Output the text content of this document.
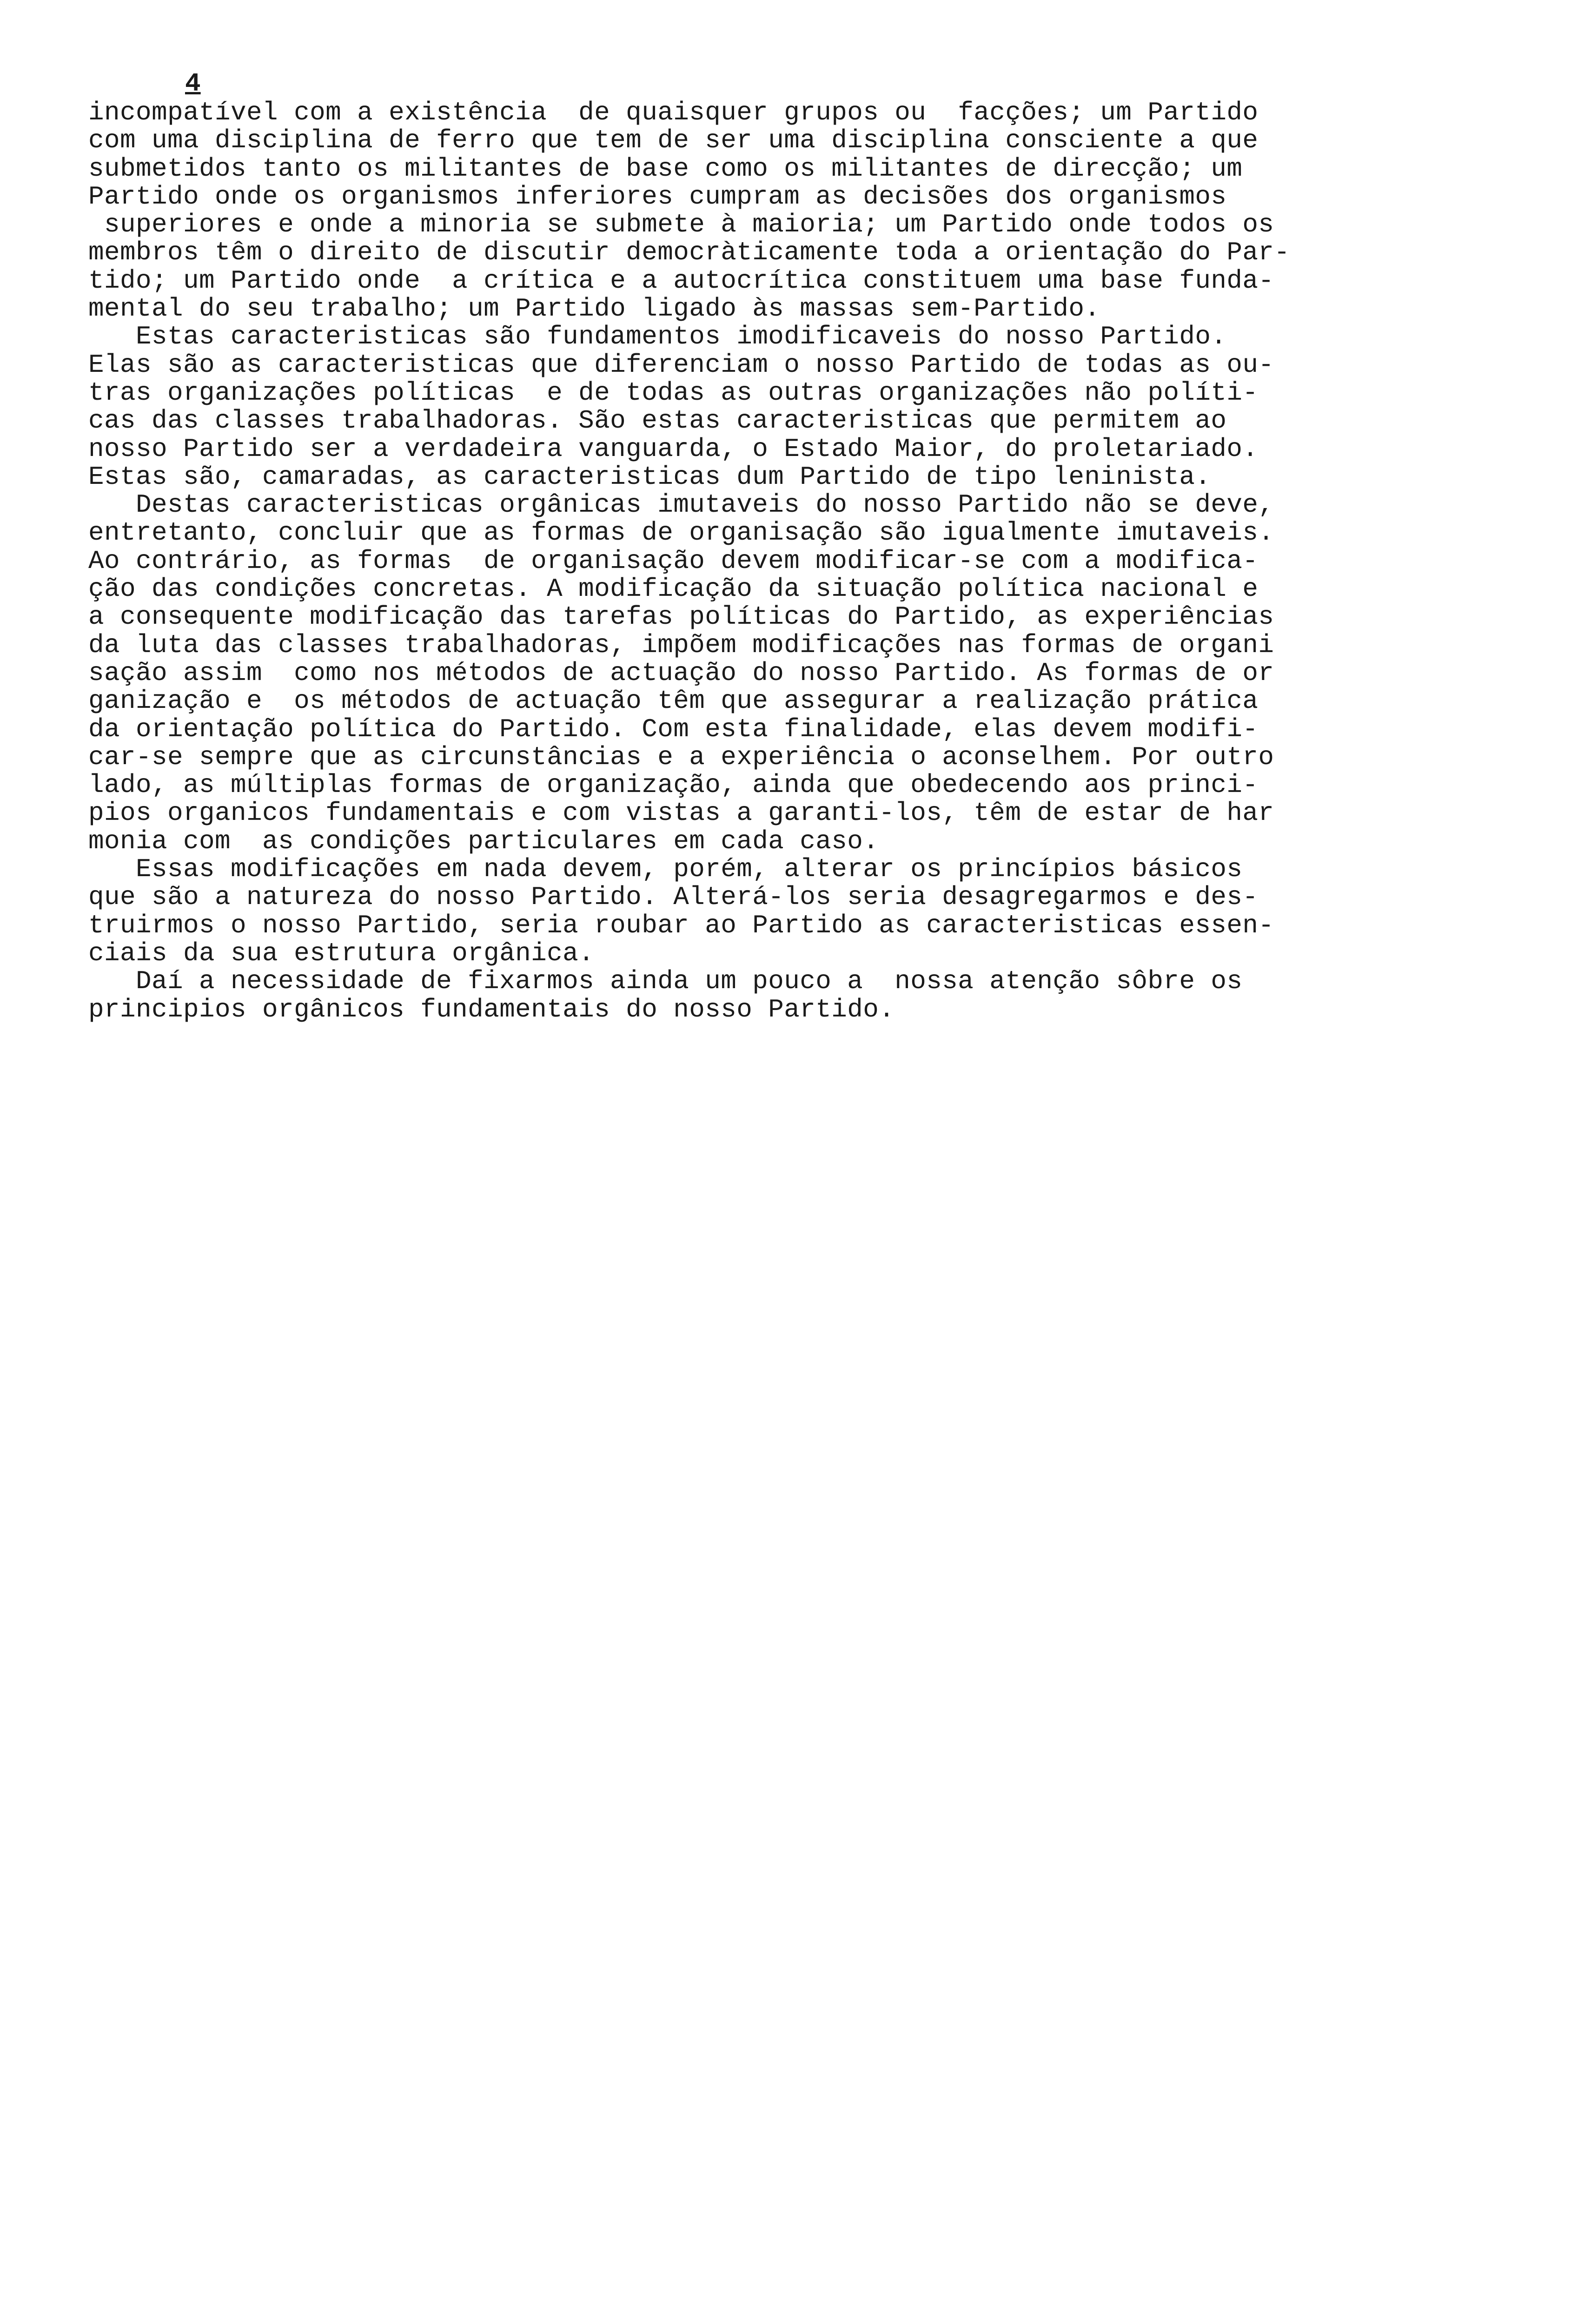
4
incompatível com a existência  de quaisquer grupos ou  facções; um Partido
com uma disciplina de ferro que tem de ser uma disciplina consciente a que
submetidos tanto os militantes de base como os militantes de direcção; um
Partido onde os organismos inferiores cumpram as decisões dos organismos
superiores e onde a minoria se submete à maioria; um Partido onde todos os
membros têm o direito de discutir democràticamente toda a orientação do Par-
tido; um Partido onde  a crítica e a autocrítica constituem uma base funda-
mental do seu trabalho; um Partido ligado às massas sem-Partido.
Estas caracteristicas são fundamentos imodificaveis do nosso Partido.
Elas são as caracteristicas que diferenciam o nosso Partido de todas as ou-
tras organizações políticas  e de todas as outras organizações não políti-
cas das classes trabalhadoras. São estas caracteristicas que permitem ao
nosso Partido ser a verdadeira vanguarda, o Estado Maior, do proletariado.
Estas são, camaradas, as caracteristicas dum Partido de tipo leninista.
Destas caracteristicas orgânicas imutaveis do nosso Partido não se deve,
entretanto, concluir que as formas de organisação são igualmente imutaveis.
Ao contrário, as formas  de organisação devem modificar-se com a modifica-
ção das condições concretas. A modificação da situação política nacional e
a consequente modificação das tarefas políticas do Partido, as experiências
da luta das classes trabalhadoras, impõem modificações nas formas de organi
sação assim  como nos métodos de actuação do nosso Partido. As formas de or
ganização e  os métodos de actuação têm que assegurar a realização prática
da orientação política do Partido. Com esta finalidade, elas devem modifi-
car-se sempre que as circunstâncias e a experiência o aconselhem. Por outro
lado, as múltiplas formas de organização, ainda que obedecendo aos princi-
pios organicos fundamentais e com vistas a garanti-los, têm de estar de har
monia com  as condições particulares em cada caso.
Essas modificações em nada devem, porém, alterar os princípios básicos
que são a natureza do nosso Partido. Alterá-los seria desagregarmos e des-
truirmos o nosso Partido, seria roubar ao Partido as caracteristicas essen-
ciais da sua estrutura orgânica.
Daí a necessidade de fixarmos ainda um pouco a  nossa atenção sôbre os
principios orgânicos fundamentais do nosso Partido.
